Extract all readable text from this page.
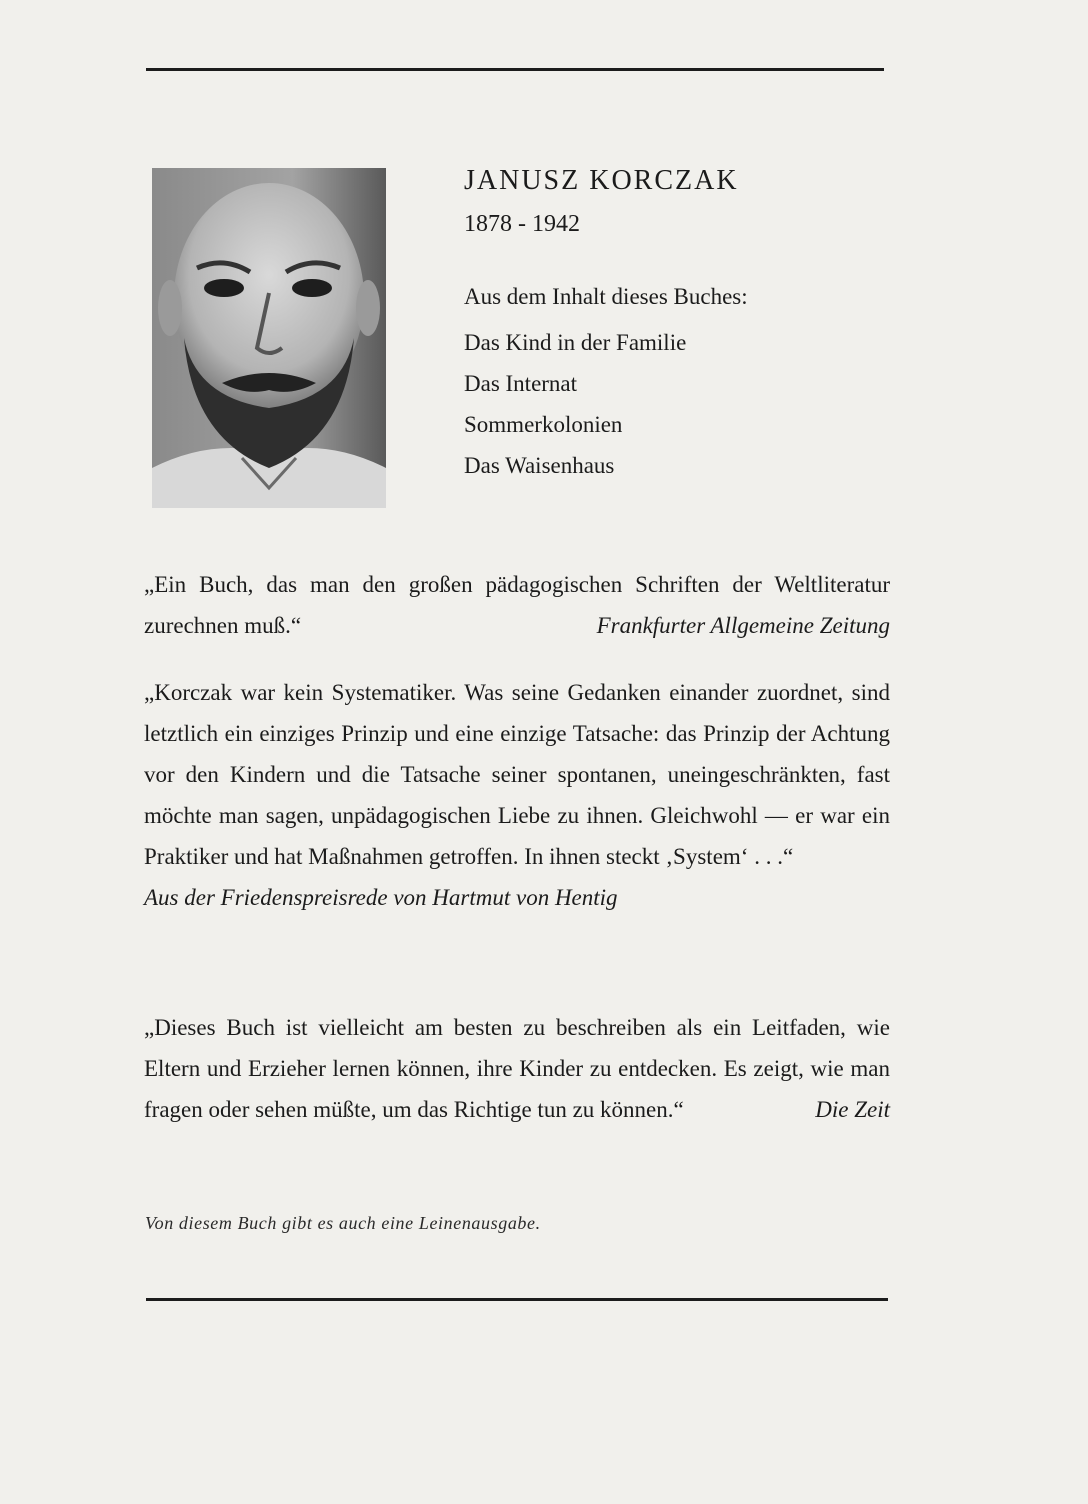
JANUSZ KORCZAK

1878 - 1942

Aus dem Inhalt dieses Buches:

Das Kind in der Familie
Das Internat
Sommerkolonien
Das Waisenhaus
„Ein Buch, das man den großen pädagogischen Schriften der Weltliteratur zurechnen muß.“	Frankfurter Allgemeine Zeitung
„Korczak war kein Systematiker. Was seine Gedanken einander zuordnet, sind letztlich ein einziges Prinzip und eine einzige Tatsache: das Prinzip der Achtung vor den Kindern und die Tatsache seiner spontanen, uneingeschränkten, fast möchte man sagen, unpädagogischen Liebe zu ihnen. Gleichwohl — er war ein Praktiker und hat Maßnahmen getroffen. In ihnen steckt ‚System‘ . . .“
Aus der Friedenspreisrede von Hartmut von Hentig
„Dieses Buch ist vielleicht am besten zu beschreiben als ein Leitfaden, wie Eltern und Erzieher lernen können, ihre Kinder zu entdecken. Es zeigt, wie man fragen oder sehen müßte, um das Richtige tun zu können.“	Die Zeit
Von diesem Buch gibt es auch eine Leinenausgabe.
